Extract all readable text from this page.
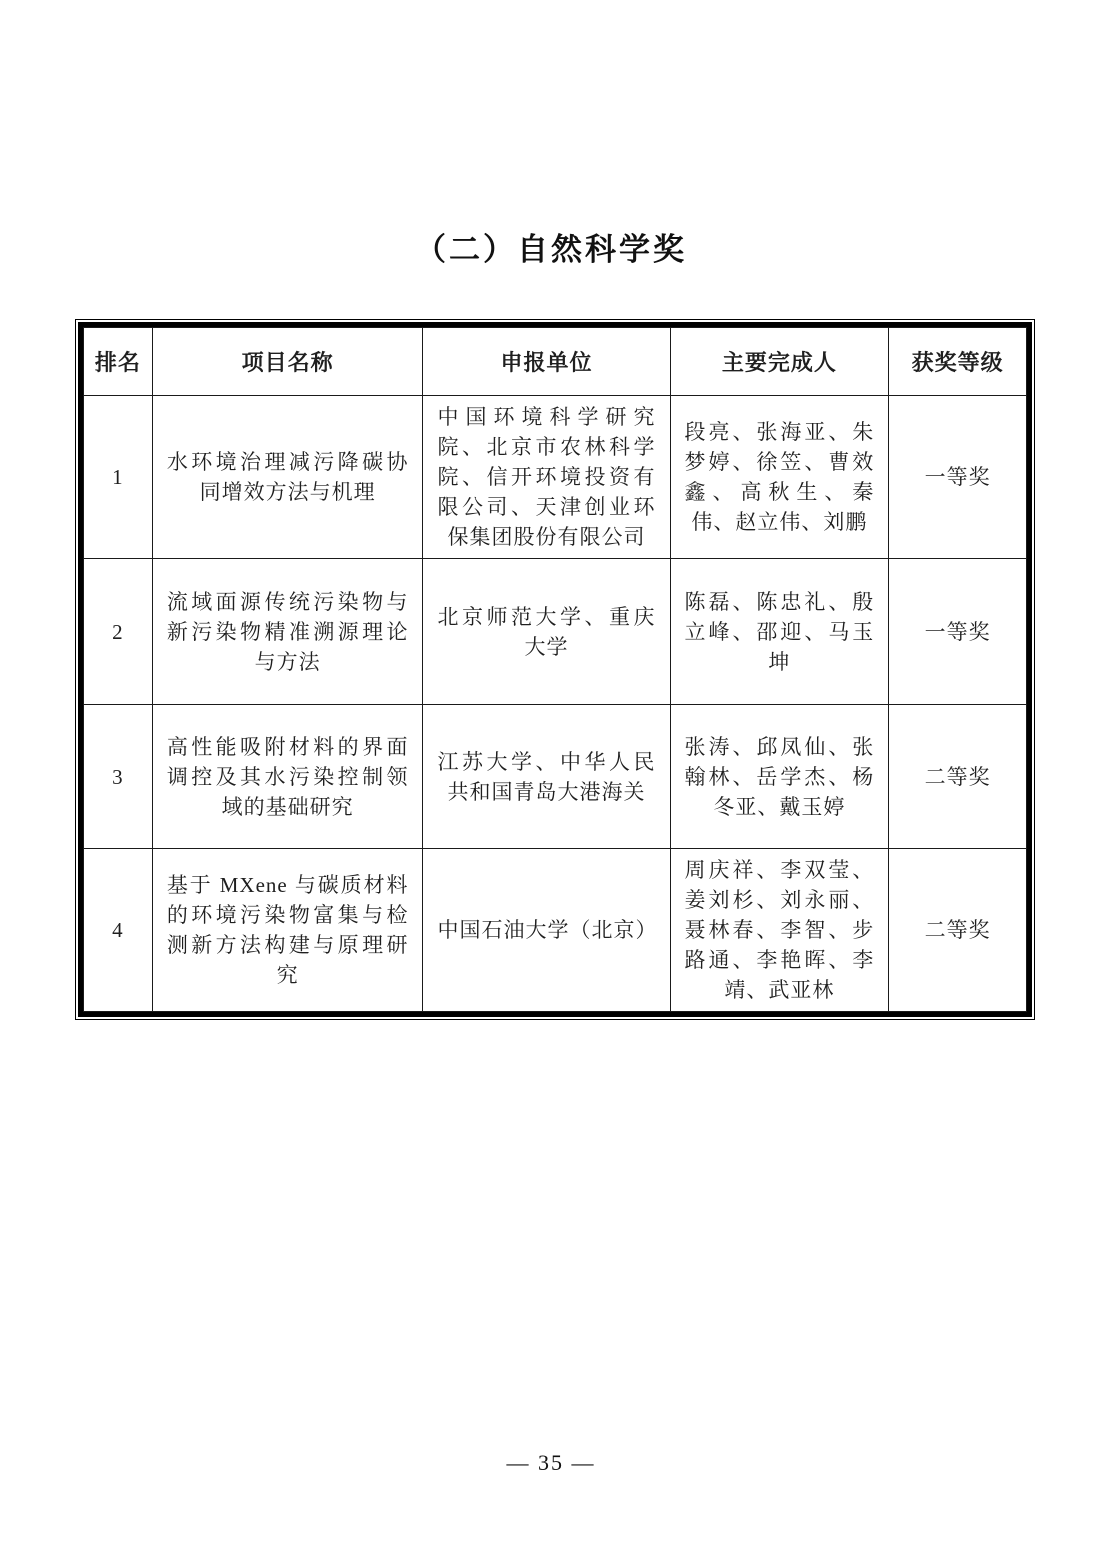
（二）自然科学奖
排名	项目名称	申报单位	主要完成人	获奖等级
1	水环境治理减污降碳协同增效方法与机理	中国环境科学研究院、北京市农林科学院、信开环境投资有限公司、天津创业环保集团股份有限公司	段亮、张海亚、朱梦婷、徐笠、曹效鑫、高秋生、秦伟、赵立伟、刘鹏	一等奖
2	流域面源传统污染物与新污染物精准溯源理论与方法	北京师范大学、重庆大学	陈磊、陈忠礼、殷立峰、邵迎、马玉坤	一等奖
3	高性能吸附材料的界面调控及其水污染控制领域的基础研究	江苏大学、中华人民共和国青岛大港海关	张涛、邱凤仙、张翰林、岳学杰、杨冬亚、戴玉婷	二等奖
4	基于 MXene 与碳质材料的环境污染物富集与检测新方法构建与原理研究	中国石油大学（北京）	周庆祥、李双莹、姜刘杉、刘永丽、聂林春、李智、步路通、李艳晖、李靖、武亚林	二等奖
— 35 —
